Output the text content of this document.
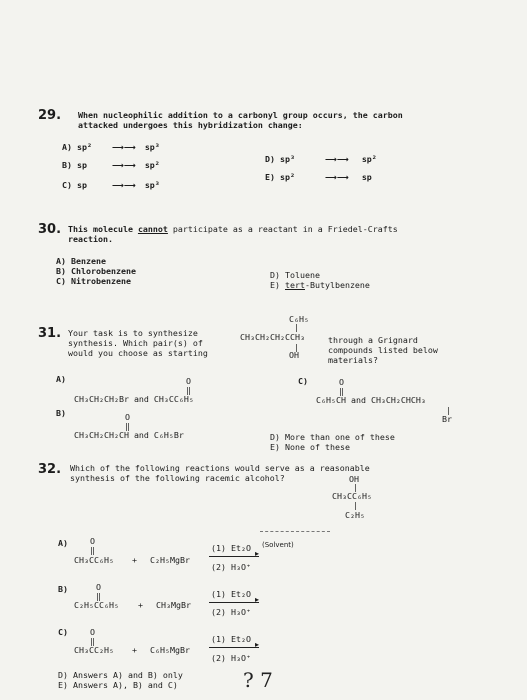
29. When nucleophilic addition to a carbonyl group occurs, the carbon
attacked undergoes this hybridization change:
A) sp² ⟶⟶ sp³
B) sp	⟶⟶ sp²
C) sp	⟶⟶ sp³
D) sp³	⟶⟶ sp²
E) sp²	⟶⟶ sp
30. This molecule cannot participate as a reactant in a Friedel-Crafts
reaction.
A) Benzene
B) Chlorobenzene
C) Nitrobenzene
D) Toluene
E) tert-Butylbenzene
31. Your task is to synthesize
synthesis. Which pair(s) of
would you choose as starting
C₆H₅
|
CH₃CH₂CH₂CCH₃
|
OH
through a Grignard
compounds listed below
materials?
A)	O
‖
CH₃CH₂CH₂Br and CH₃CC₆H₅
B)	O
‖
CH₃CH₂CH₂CH and C₆H₅Br
C)	O
‖
C₆H₅CH and CH₃CH₂CHCH₃
|
Br
D) More than one of these
E) None of these
32. Which of the following reactions would serve as a reasonable
synthesis of the following racemic alcohol?	OH
|
CH₃CC₆H₅
|
C₂H₅
A)	O
‖
CH₃CC₆H₅ + C₂H₅MgBr
(1) Et₂O (Solvent)
▸
(2) H₃O⁺
B)	O
‖
C₂H₅CC₆H₅ + CH₃MgBr
(1) Et₂O
▸
(2) H₃O⁺
C)	O
‖
CH₃CC₂H₅ + C₆H₅MgBr
(1) Et₂O
▸
(2) H₃O⁺
D) Answers A) and B) only
E) Answers A), B) and C)	? 7
